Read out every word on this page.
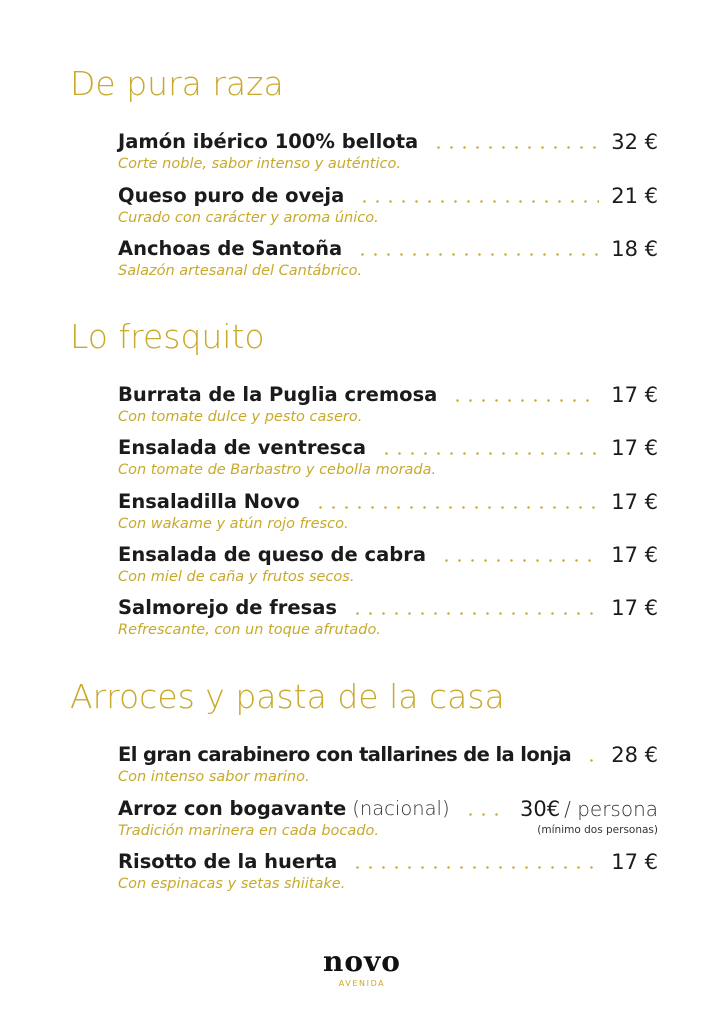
De pura raza
Jamón ibérico 100% bellota	32 €
Corte noble, sabor intenso y auténtico.
Queso puro de oveja	21 €
Curado con carácter y aroma único.
Anchoas de Santoña	18 €
Salazón artesanal del Cantábrico.
Lo fresquito
Burrata de la Puglia cremosa	17 €
Con tomate dulce y pesto casero.
Ensalada de ventresca	17 €
Con tomate de Barbastro y cebolla morada.
Ensaladilla Novo	17 €
Con wakame y atún rojo fresco.
Ensalada de queso de cabra	17 €
Con miel de caña y frutos secos.
Salmorejo de fresas	17 €
Refrescante, con un toque afrutado.
Arroces y pasta de la casa
El gran carabinero con tallarines de la lonja 28 €
Con intenso sabor marino.
Arroz con bogavante (nacional)	30€ / persona
Tradición marinera en cada bocado.	(mínimo dos personas)
Risotto de la huerta	17 €
Con espinacas y setas shiitake.
novo
AVENIDA
